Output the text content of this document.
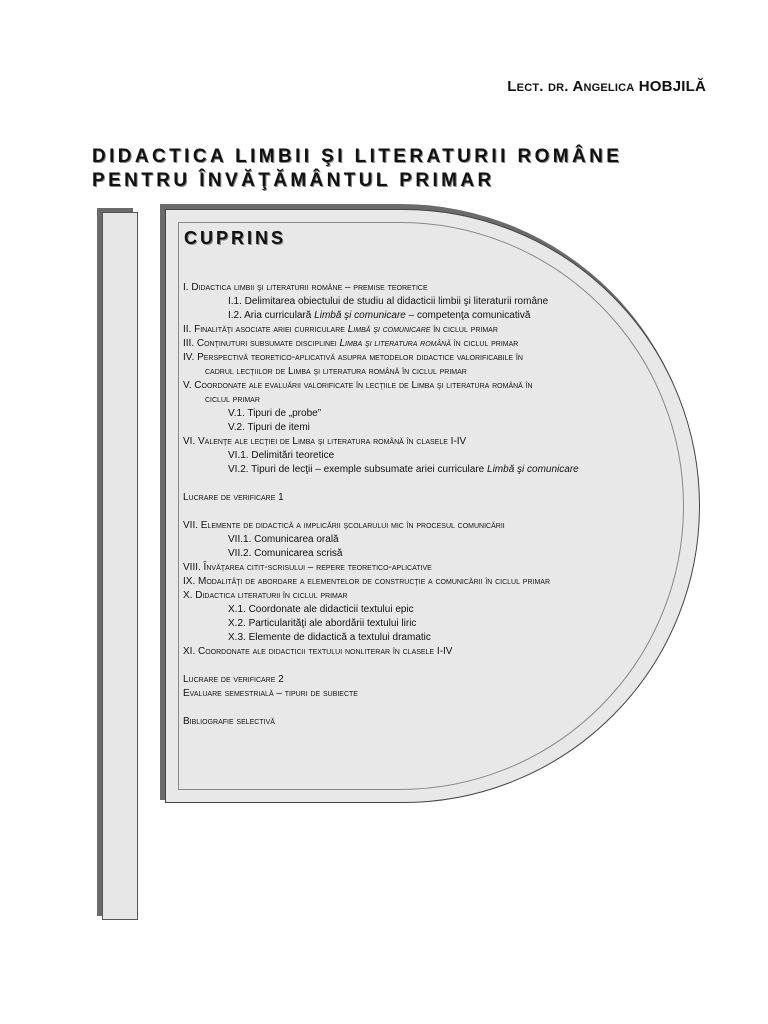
Lect. dr. Angelica HOBJILĂ
DIDACTICA LIMBII ŞI LITERATURII ROMÂNE
PENTRU ÎNVĂŢĂMÂNTUL PRIMAR
CUPRINS
I. Didactica limbii şi literaturii române – premise teoretice
I.1. Delimitarea obiectului de studiu al didacticii limbii şi literaturii române
I.2. Aria curriculară Limbă şi comunicare – competenţa comunicativă
II. Finalităţi asociate ariei curriculare Limbă şi comunicare în ciclul primar
III. Conţinuturi subsumate disciplinei Limba şi literatura română în ciclul primar
IV. Perspectivă teoretico-aplicativă asupra metodelor didactice valorificabile în
cadrul lecţiilor de Limba şi literatura română în ciclul primar
V. Coordonate ale evaluării valorificate în lecţiile de Limba şi literatura română în
ciclul primar
V.1. Tipuri de „probe”
V.2. Tipuri de itemi
VI. Valenţe ale lecţiei de Limba şi literatura română în clasele I-IV
VI.1. Delimitări teoretice
VI.2. Tipuri de lecţii – exemple subsumate ariei curriculare Limbă şi comunicare
Lucrare de verificare 1
VII. Elemente de didactică a implicării şcolarului mic în procesul comunicării
VII.1. Comunicarea orală
VII.2. Comunicarea scrisă
VIII. Învăţarea citit-scrisului – repere teoretico-aplicative
IX. Modalităţi de abordare a elementelor de construcţie a comunicării în ciclul primar
X. Didactica literaturii în ciclul primar
X.1. Coordonate ale didacticii textului epic
X.2. Particularităţi ale abordării textului liric
X.3. Elemente de didactică a textului dramatic
XI. Coordonate ale didacticii textului nonliterar în clasele I-IV
Lucrare de verificare 2
Evaluare semestrială – tipuri de subiecte
Bibliografie selectivă
